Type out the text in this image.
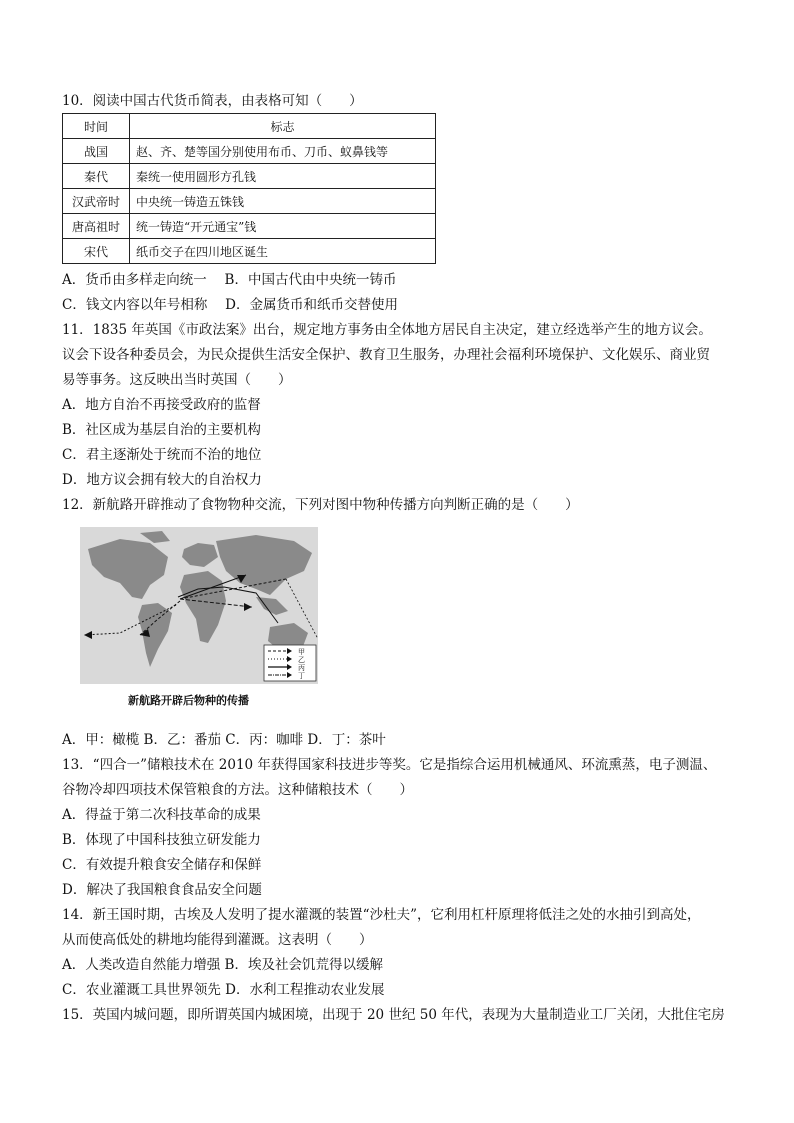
10．阅读中国古代货币简表，由表格可知（　　）
时间	标志
战国	赵、齐、楚等国分别使用布币、刀币、蚁鼻钱等
秦代	秦统一使用圆形方孔钱
汉武帝时	中央统一铸造五铢钱
唐高祖时	统一铸造“开元通宝”钱
宋代	纸币交子在四川地区诞生
A．货币由多样走向统一　 B．中国古代由中央统一铸币
C．钱文内容以年号相称　 D．金属货币和纸币交替使用
11．1835 年英国《市政法案》出台，规定地方事务由全体地方居民自主决定，建立经选举产生的地方议会。
议会下设各种委员会，为民众提供生活安全保护、教育卫生服务，办理社会福利环境保护、文化娱乐、商业贸
易等事务。这反映出当时英国（　　）
A．地方自治不再接受政府的监督
B．社区成为基层自治的主要机构
C．君主逐渐处于统而不治的地位
D．地方议会拥有较大的自治权力
12．新航路开辟推动了食物物种交流，下列对图中物种传播方向判断正确的是（　　）
甲
乙
丙
丁
新航路开辟后物种的传播
A．甲：橄榄 B．乙：番茄 C．丙：咖啡 D．丁：茶叶
13．“四合一”储粮技术在 2010 年获得国家科技进步等奖。它是指综合运用机械通风、环流熏蒸，电子测温、
谷物冷却四项技术保管粮食的方法。这种储粮技术（　　）
A．得益于第二次科技革命的成果
B．体现了中国科技独立研发能力
C．有效提升粮食安全储存和保鲜
D．解决了我国粮食食品安全问题
14．新王国时期，古埃及人发明了提水灌溉的装置“沙杜夫”，它利用杠杆原理将低洼之处的水抽引到高处，
从而使高低处的耕地均能得到灌溉。这表明（　　）
A．人类改造自然能力增强 B．埃及社会饥荒得以缓解
C．农业灌溉工具世界领先 D．水利工程推动农业发展
15．英国内城问题，即所谓英国内城困境，出现于 20 世纪 50 年代，表现为大量制造业工厂关闭，大批住宅房
